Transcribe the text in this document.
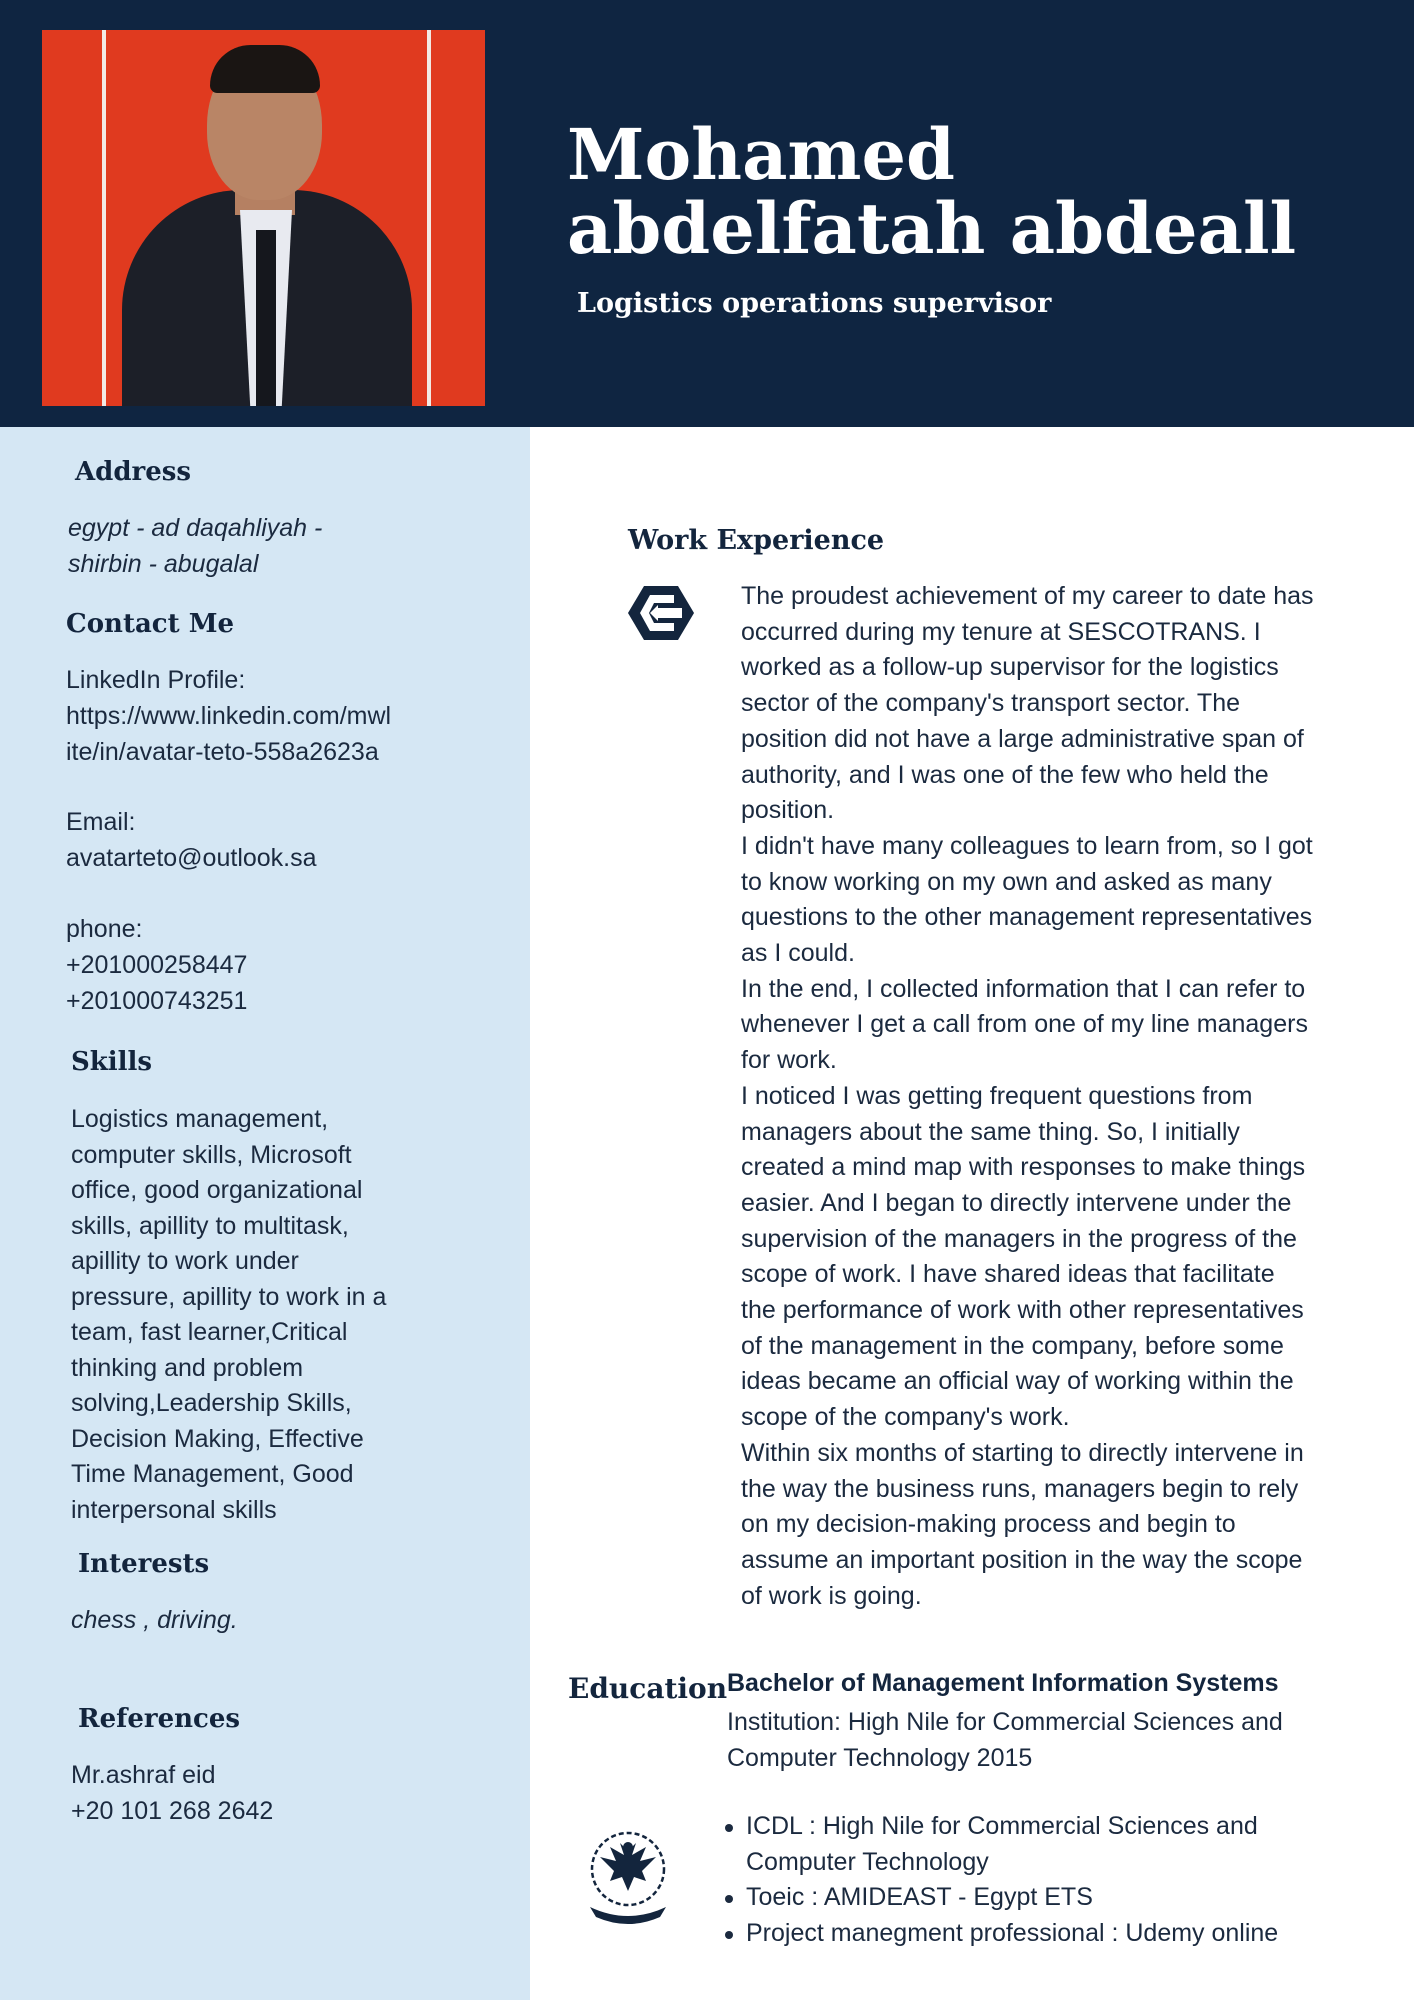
Mohamed abdelfatah abdeall
Logistics operations supervisor
Address
egypt - ad daqahliyah -
shirbin - abugalal
Contact Me
LinkedIn Profile:
https://www.linkedin.com/mwl
ite/in/avatar-teto-558a2623a
Email:
avatarteto@outlook.sa
phone:
+201000258447
+201000743251
Skills
Logistics management,
computer skills, Microsoft
office, good organizational
skills, apillity to multitask,
apillity to work under
pressure, apillity to work in a
team, fast learner,Critical
thinking and problem
solving,Leadership Skills,
Decision Making, Effective
Time Management, Good
interpersonal skills
Interests
chess , driving.
References
Mr.ashraf eid
+20 101 268 2642
Work Experience
The proudest achievement of my career to date has
occurred during my tenure at SESCOTRANS. I
worked as a follow-up supervisor for the logistics
sector of the company's transport sector. The
position did not have a large administrative span of
authority, and I was one of the few who held the
position.
I didn't have many colleagues to learn from, so I got
to know working on my own and asked as many
questions to the other management representatives
as I could.
In the end, I collected information that I can refer to
whenever I get a call from one of my line managers
for work.
I noticed I was getting frequent questions from
managers about the same thing. So, I initially
created a mind map with responses to make things
easier. And I began to directly intervene under the
supervision of the managers in the progress of the
scope of work. I have shared ideas that facilitate
the performance of work with other representatives
of the management in the company, before some
ideas became an official way of working within the
scope of the company's work.
Within six months of starting to directly intervene in
the way the business runs, managers begin to rely
on my decision-making process and begin to
assume an important position in the way the scope
of work is going.
Education Bachelor of Management Information Systems
Institution: High Nile for Commercial Sciences and Computer Technology 2015
ICDL : High Nile for Commercial Sciences and Computer Technology
Toeic : AMIDEAST - Egypt ETS
Project manegment professional : Udemy online
